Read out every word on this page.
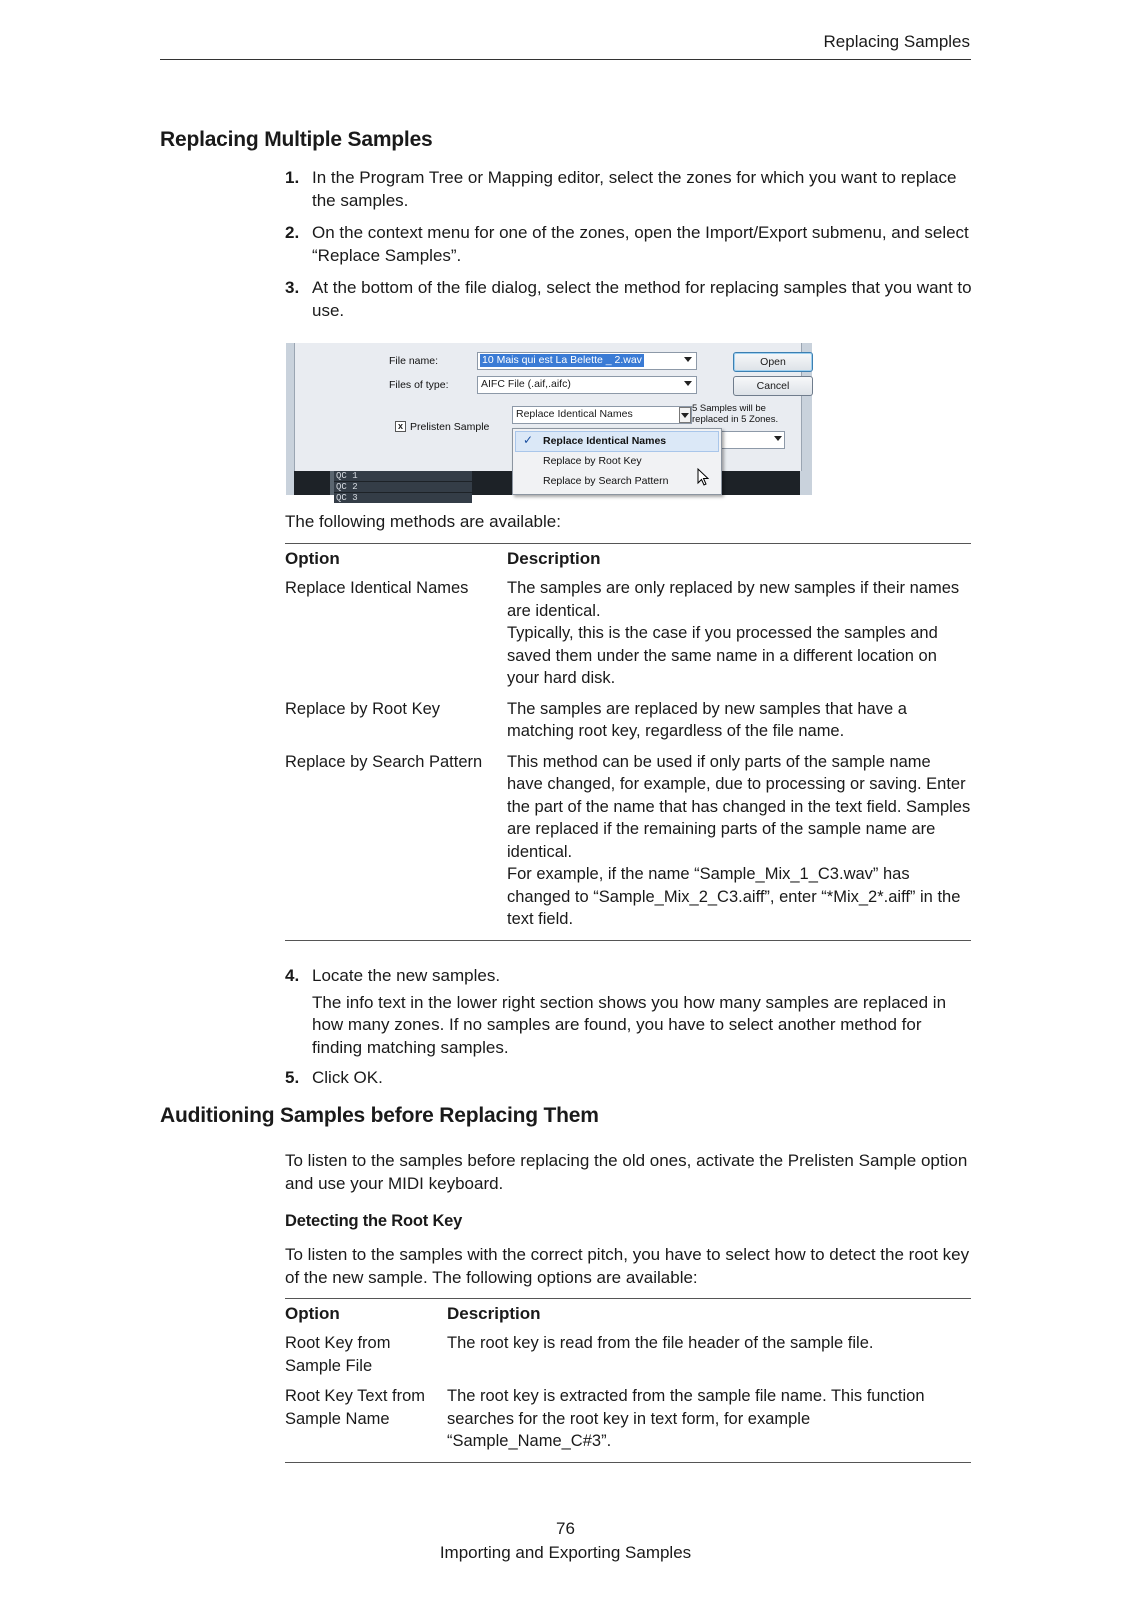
Replacing Samples
Replacing Multiple Samples
1. In the Program Tree or Mapping editor, select the zones for which you want to replace the samples.
2. On the context menu for one of the zones, open the Import/Export submenu, and select “Replace Samples”.
3. At the bottom of the file dialog, select the method for replacing samples that you want to use.
File name:	10 Mais qui est La Belette _ 2.wav	Open
Files of type:	AIFC File (.aif,.aifc)	Cancel
x Prelisten Sample
Replace Identical Names	5 Samples will be
replaced in 5 Zones.
✓ Replace Identical Names
Replace by Root Key
Replace by Search Pattern
QC 1
QC 2
QC 3

The following methods are available:

Option	Description
Replace Identical Names	The samples are only replaced by new samples if their names are identical.
Typically, this is the case if you processed the samples and saved them under the same name in a different location on your hard disk.

Replace by Root Key	The samples are replaced by new samples that have a matching root key, regardless of the file name.

Replace by Search Pattern	This method can be used if only parts of the sample name have changed, for example, due to processing or saving. Enter the part of the name that has changed in the text field. Samples are replaced if the remaining parts of the sample name are identical.
For example, if the name “Sample_Mix_1_C3.wav” has changed to “Sample_Mix_2_C3.aiff”, enter “*Mix_2*.aiff” in the text field.
4. Locate the new samples.
The info text in the lower right section shows you how many samples are replaced in how many zones. If no samples are found, you have to select another method for finding matching samples.
5. Click OK.
Auditioning Samples before Replacing Them

To listen to the samples before replacing the old ones, activate the Prelisten Sample option and use your MIDI keyboard.

Detecting the Root Key

To listen to the samples with the correct pitch, you have to select how to detect the root key of the new sample. The following options are available:

Option	Description
Root Key from Sample File	The root key is read from the file header of the sample file.
Root Key Text from Sample Name	The root key is extracted from the sample file name. This function searches for the root key in text form, for example “Sample_Name_C#3”.
76
Importing and Exporting Samples
